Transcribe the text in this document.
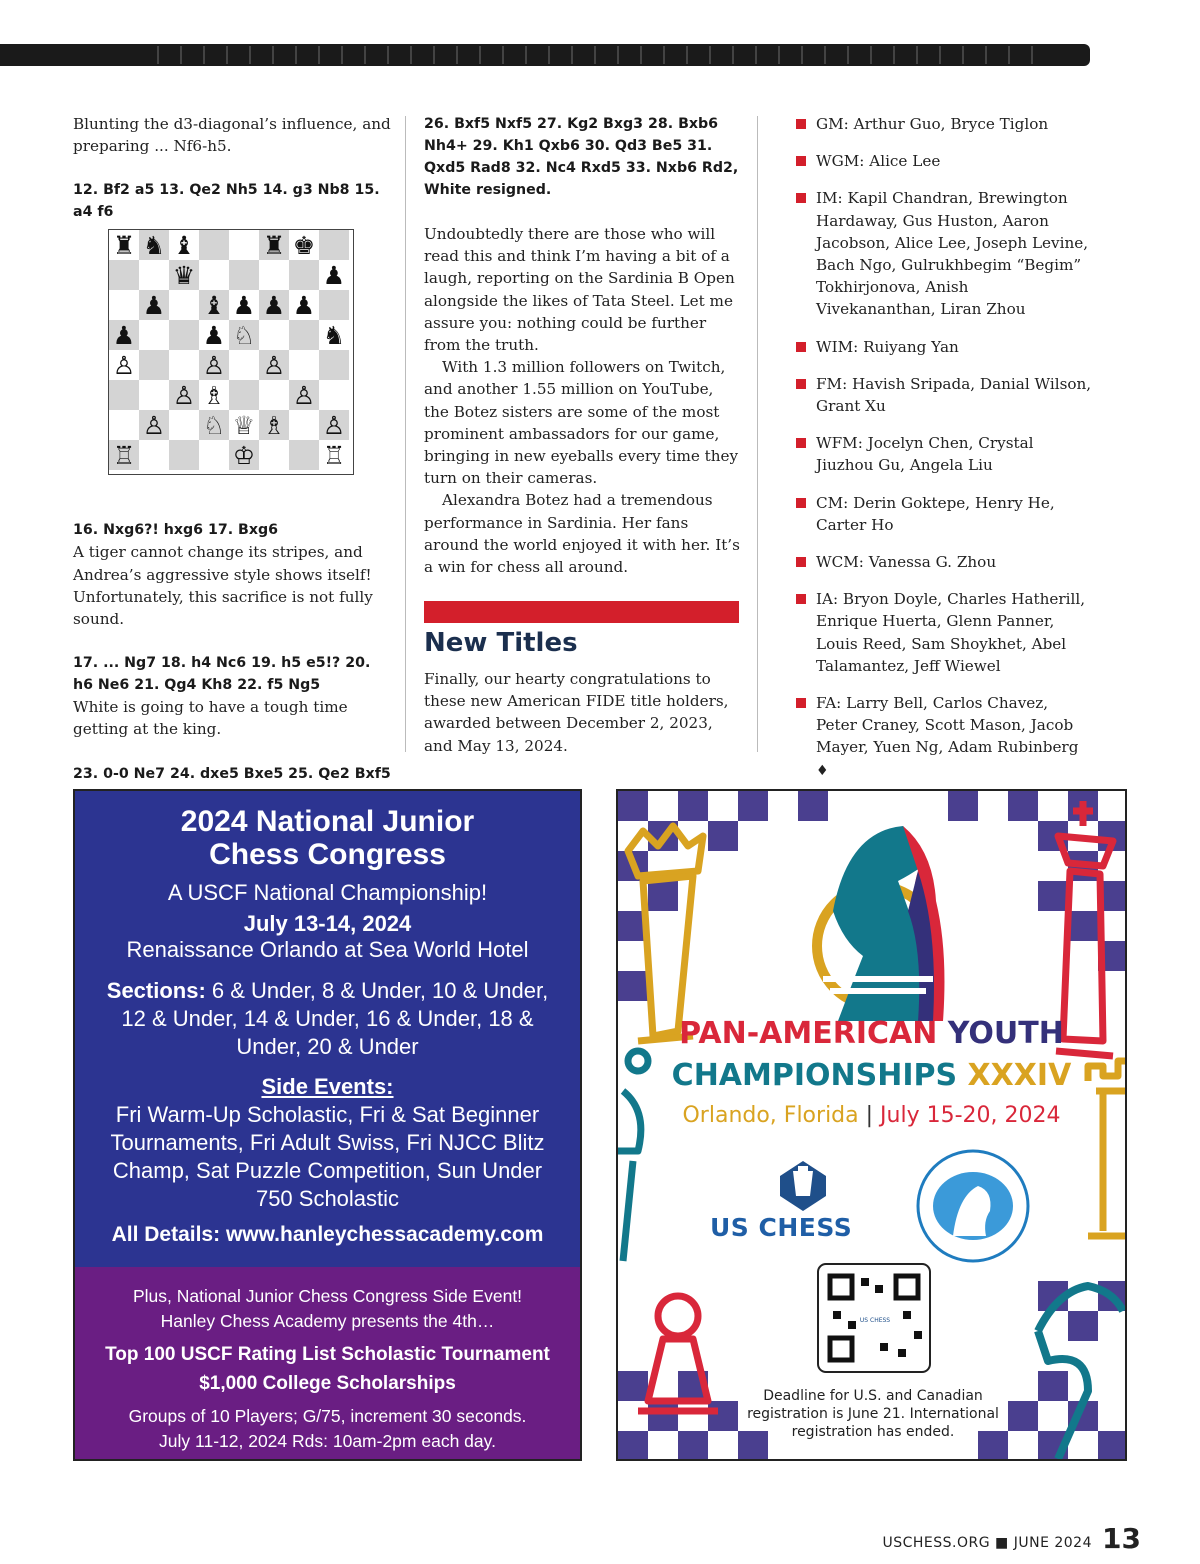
Blunting the d3-diagonal’s influence, and preparing ... Nf6-h5.

12. Bf2 a5 13. Qe2 Nh5 14. g3 Nb8 15. a4 f6

♜ ♞ ♝	♜ ♚
♛	♟
♟ ♝ ♟ ♟ ♟
♟	♟ ♘	♞
♙	♙ ♙
♙ ♗	♙
♙ ♘ ♕ ♗ ♙
♖	♔	♖

16. Nxg6?! hxg6 17. Bxg6

A tiger cannot change its stripes, and Andrea’s aggressive style shows itself! Unfortunately, this sacrifice is not fully sound.

17. ... Ng7 18. h4 Nc6 19. h5 e5!? 20. h6 Ne6 21. Qg4 Kh8 22. f5 Ng5

White is going to have a tough time getting at the king.

23. 0-0 Ne7 24. dxe5 Bxe5 25. Qe2 Bxf5

26. Bxf5 Nxf5 27. Kg2 Bxg3 28. Bxb6 Nh4+ 29. Kh1 Qxb6 30. Qd3 Be5 31. Qxd5 Rad8 32. Nc4 Rxd5 33. Nxb6 Rd2, White resigned.

Undoubtedly there are those who will read this and think I’m having a bit of a laugh, reporting on the Sardinia B Open alongside the likes of Tata Steel. Let me assure you: nothing could be further from the truth.

With 1.3 million followers on Twitch, and another 1.55 million on YouTube, the Botez sisters are some of the most prominent ambassadors for our game, bringing in new eyeballs every time they turn on their cameras.

Alexandra Botez had a tremendous performance in Sardinia. Her fans around the world enjoyed it with her. It’s a win for chess all around.

New Titles

Finally, our hearty congratulations to these new American FIDE title holders, awarded between December 2, 2023, and May 13, 2024.

GM: Arthur Guo, Bryce Tiglon
WGM: Alice Lee
IM: Kapil Chandran, Brewington Hardaway, Gus Huston, Aaron Jacobson, Alice Lee, Joseph Levine, Bach Ngo, Gulrukhbegim “Begim” Tokhirjonova, Anish Vivekananthan, Liran Zhou
WIM: Ruiyang Yan
FM: Havish Sripada, Danial Wilson, Grant Xu
WFM: Jocelyn Chen, Crystal Jiuzhou Gu, Angela Liu
CM: Derin Goktepe, Henry He, Carter Ho
WCM: Vanessa G. Zhou
IA: Bryon Doyle, Charles Hatherill, Enrique Huerta, Glenn Panner, Louis Reed, Sam Shoykhet, Abel Talamantez, Jeff Wiewel
FA: Larry Bell, Carlos Chavez, Peter Craney, Scott Mason, Jacob Mayer, Yuen Ng, Adam Rubinberg ♦
2024 National Junior
Chess Congress
A USCF National Championship!
July 13-14, 2024
Renaissance Orlando at Sea World Hotel
Sections: 6 & Under, 8 & Under, 10 & Under, 12 & Under, 14 & Under, 16 & Under, 18 & Under, 20 & Under
Side Events:
Fri Warm-Up Scholastic, Fri & Sat Beginner Tournaments, Fri Adult Swiss, Fri NJCC Blitz Champ, Sat Puzzle Competition, Sun Under 750 Scholastic
All Details: www.hanleychessacademy.com
Plus, National Junior Chess Congress Side Event!
Hanley Chess Academy presents the 4th…
Top 100 USCF Rating List Scholastic Tournament
$1,000 College Scholarships
Groups of 10 Players; G/75, increment 30 seconds.
July 11-12, 2024 Rds: 10am-2pm each day.
US CHESS
PAN-AMERICAN YOUTH
CHAMPIONSHIPS XXXIV
Orlando, Florida | July 15-20, 2024
US CHESS
Deadline for U.S. and Canadian registration is June 21. International registration has ended.
USCHESS.ORG ■ JUNE 2024 13
